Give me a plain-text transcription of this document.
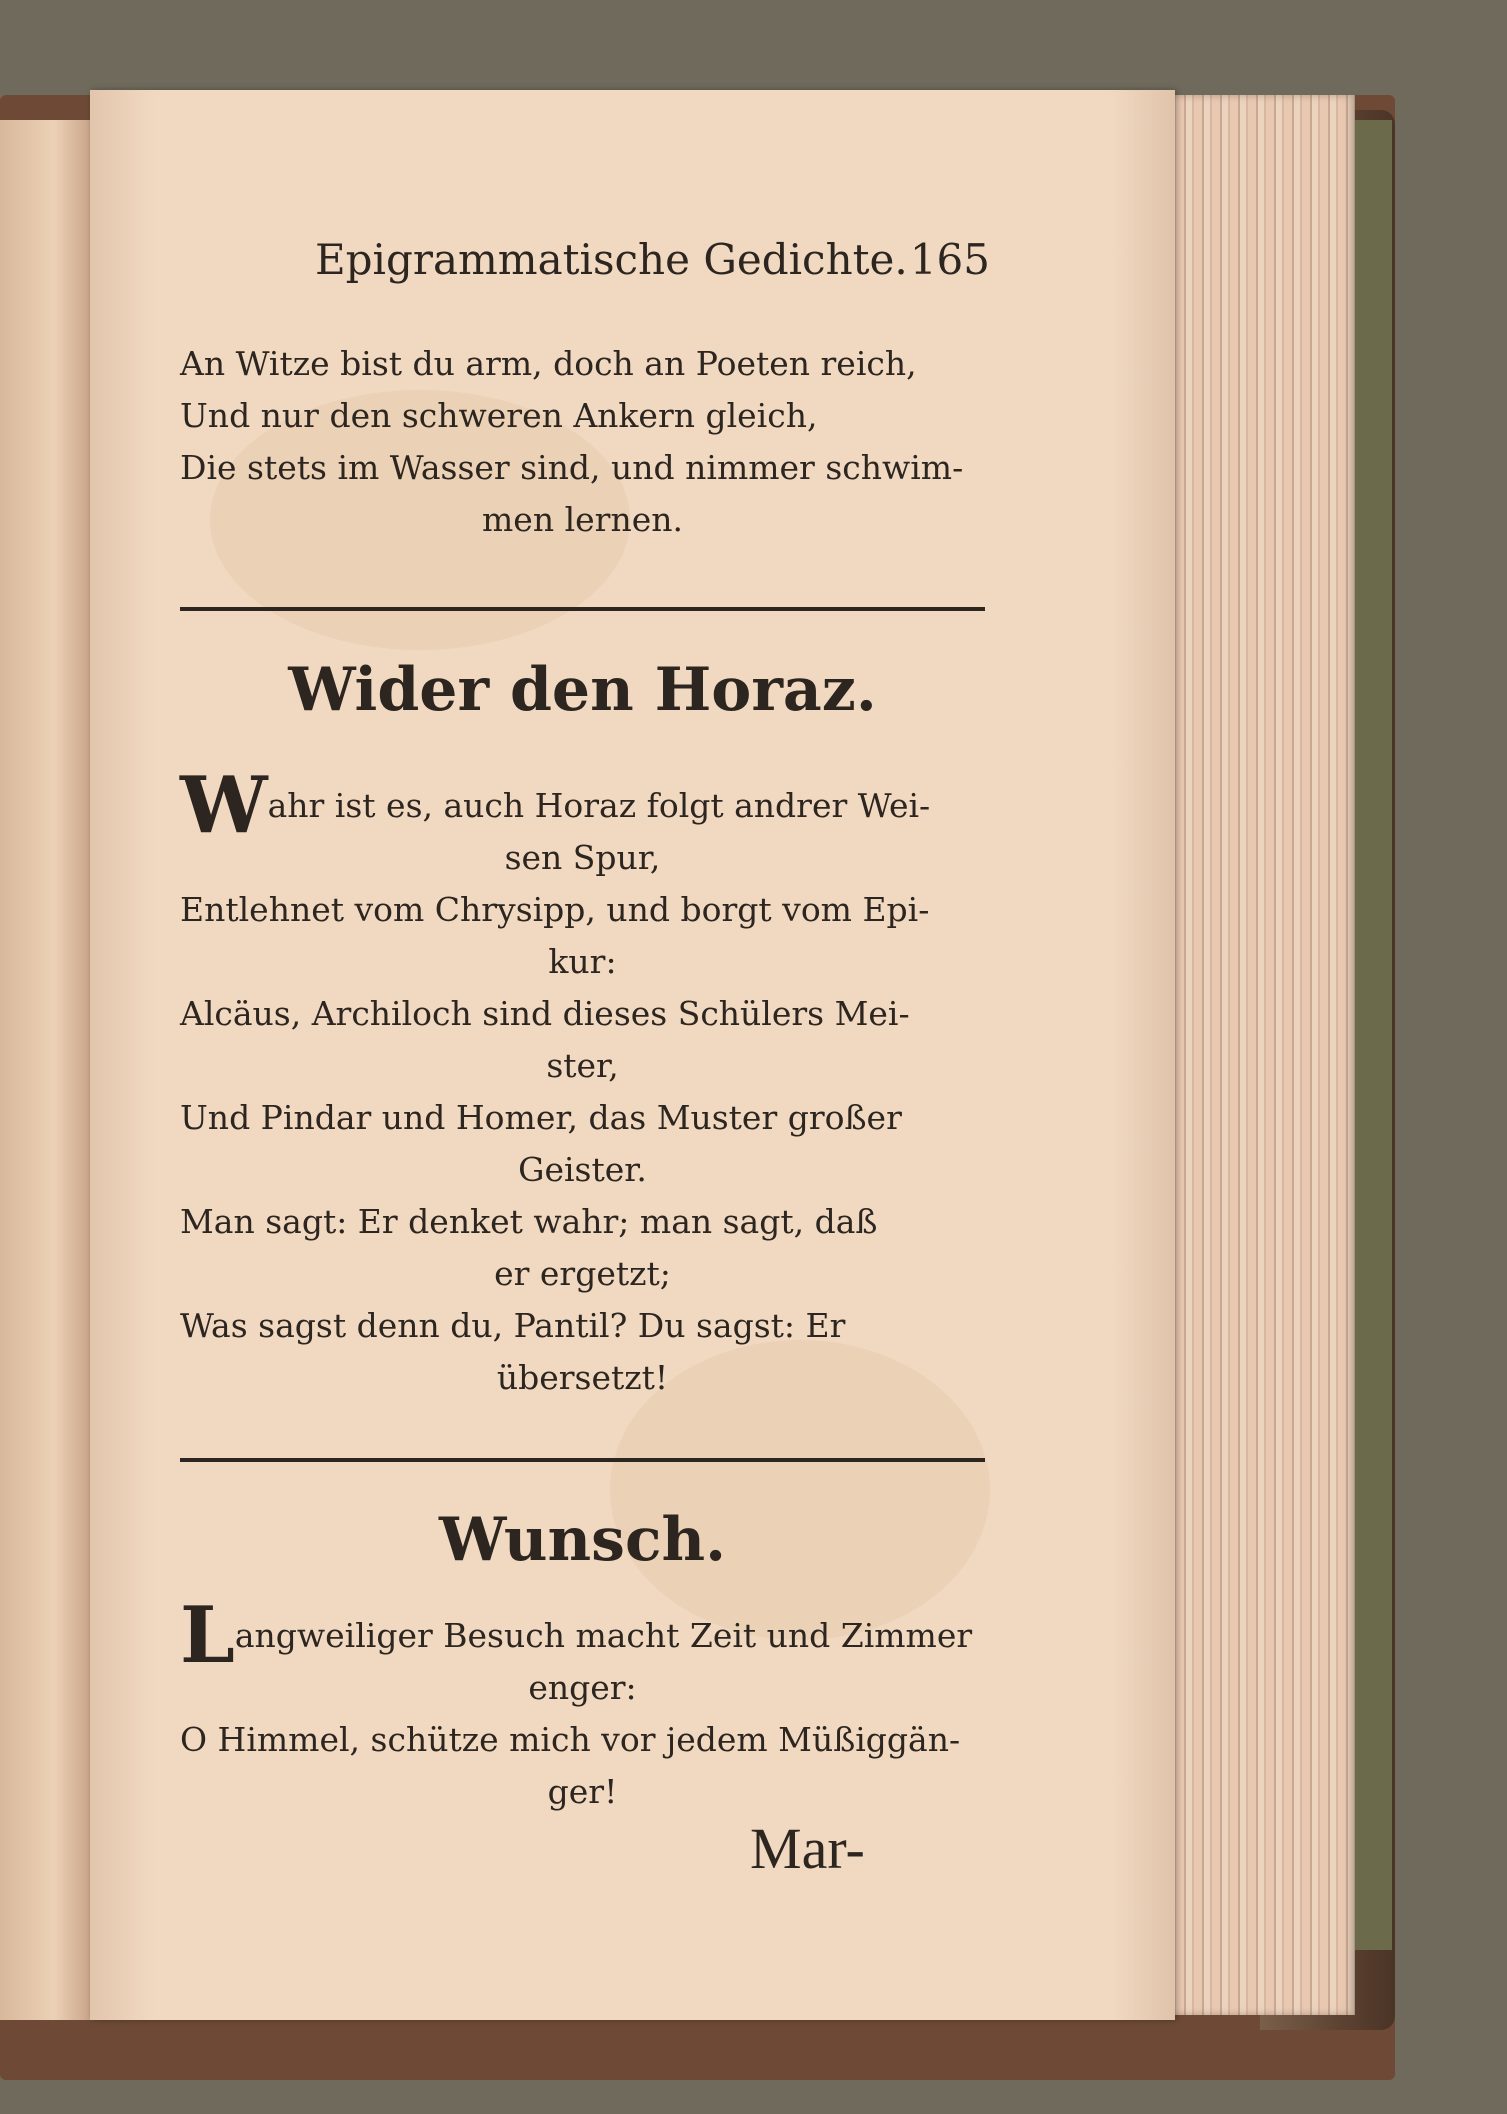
Epigrammatische Gedichte. 165
An Witze bist du arm, doch an Poeten reich,
Und nur den schweren Ankern gleich,
Die stets im Wasser sind, und nimmer schwim-
men lernen.
Wider den Horaz.
W ahr ist es, auch Horaz folgt andrer Wei-
sen Spur,
Entlehnet vom Chrysipp, und borgt vom Epi-
kur:
Alcäus, Archiloch sind dieses Schülers Mei-
ster,
Und Pindar und Homer, das Muster großer
Geister.
Man sagt: Er denket wahr; man sagt, daß
er ergetzt;
Was sagst denn du, Pantil? Du sagst: Er
übersetzt!
Wunsch.
L angweiliger Besuch macht Zeit und Zimmer
enger:
O Himmel, schütze mich vor jedem Müßiggän-
ger!
Mar-
